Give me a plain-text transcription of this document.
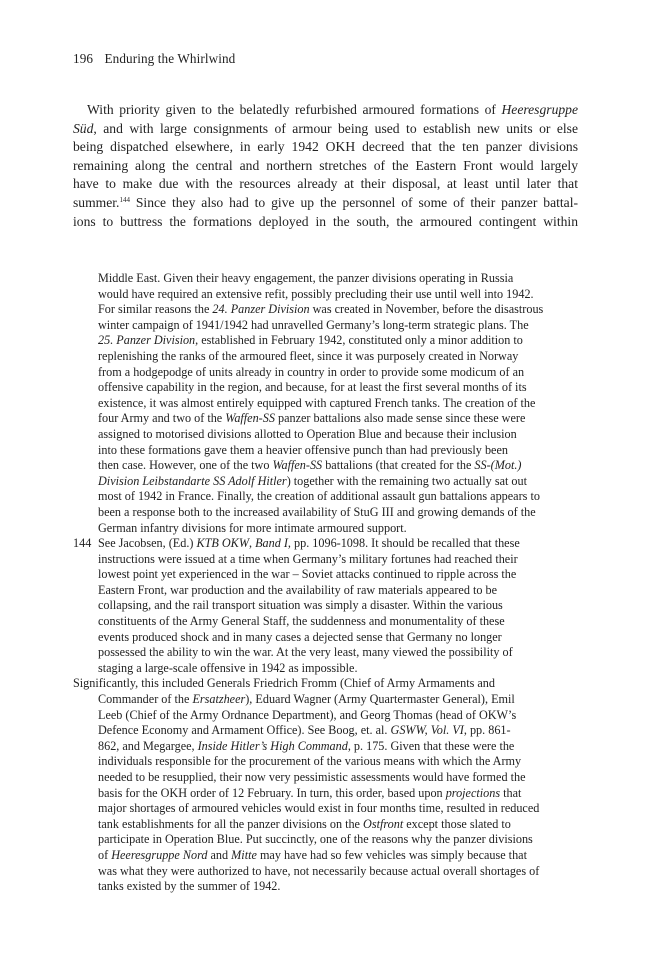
196 Enduring the Whirlwind
With priority given to the belatedly refurbished armoured formations of Heeresgruppe
Süd, and with large consignments of armour being used to establish new units or else
being dispatched elsewhere, in early 1942 OKH decreed that the ten panzer divisions
remaining along the central and northern stretches of the Eastern Front would largely
have to make due with the resources already at their disposal, at least until later that
summer.$^{144}$ Since they also had to give up the personnel of some of their panzer battal-
ions to buttress the formations deployed in the south, the armoured contingent within
Middle East. Given their heavy engagement, the panzer divisions operating in Russia
would have required an extensive refit, possibly precluding their use until well into 1942.
For similar reasons the 24. Panzer Division was created in November, before the disastrous
winter campaign of 1941/1942 had unravelled Germany’s long-term strategic plans. The
25. Panzer Division, established in February 1942, constituted only a minor addition to
replenishing the ranks of the armoured fleet, since it was purposely created in Norway
from a hodgepodge of units already in country in order to provide some modicum of an
offensive capability in the region, and because, for at least the first several months of its
existence, it was almost entirely equipped with captured French tanks. The creation of the
four Army and two of the Waffen-SS panzer battalions also made sense since these were
assigned to motorised divisions allotted to Operation Blue and because their inclusion
into these formations gave them a heavier offensive punch than had previously been
then case. However, one of the two Waffen-SS battalions (that created for the SS-(Mot.)
Division Leibstandarte SS Adolf Hitler) together with the remaining two actually sat out
most of 1942 in France. Finally, the creation of additional assault gun battalions appears to
been a response both to the increased availability of StuG III and growing demands of the
German infantry divisions for more intimate armoured support.
144 See Jacobsen, (Ed.) KTB OKW, Band I, pp. 1096-1098. It should be recalled that these
instructions were issued at a time when Germany’s military fortunes had reached their
lowest point yet experienced in the war – Soviet attacks continued to ripple across the
Eastern Front, war production and the availability of raw materials appeared to be
collapsing, and the rail transport situation was simply a disaster. Within the various
constituents of the Army General Staff, the suddenness and monumentality of these
events produced shock and in many cases a dejected sense that Germany no longer
possessed the ability to win the war. At the very least, many viewed the possibility of
staging a large-scale offensive in 1942 as impossible.
Significantly, this included Generals Friedrich Fromm (Chief of Army Armaments and
Commander of the Ersatzheer), Eduard Wagner (Army Quartermaster General), Emil
Leeb (Chief of the Army Ordnance Department), and Georg Thomas (head of OKW’s
Defence Economy and Armament Office). See Boog, et. al. GSWW, Vol. VI, pp. 861-
862, and Megargee, Inside Hitler’s High Command, p. 175. Given that these were the
individuals responsible for the procurement of the various means with which the Army
needed to be resupplied, their now very pessimistic assessments would have formed the
basis for the OKH order of 12 February. In turn, this order, based upon projections that
major shortages of armoured vehicles would exist in four months time, resulted in reduced
tank establishments for all the panzer divisions on the Ostfront except those slated to
participate in Operation Blue. Put succinctly, one of the reasons why the panzer divisions
of Heeresgruppe Nord and Mitte may have had so few vehicles was simply because that
was what they were authorized to have, not necessarily because actual overall shortages of
tanks existed by the summer of 1942.
